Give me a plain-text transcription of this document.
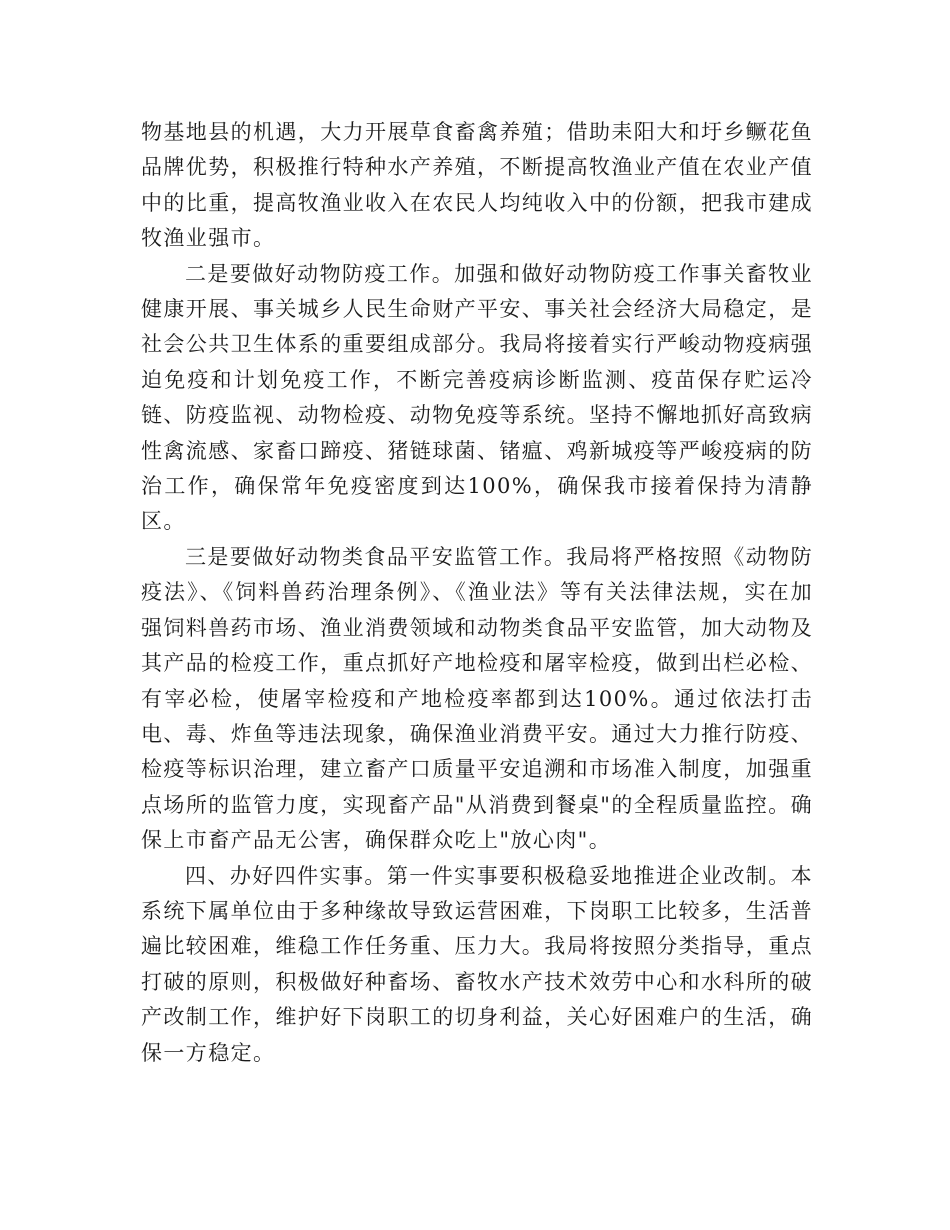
物基地县的机遇，大力开展草食畜禽养殖；借助耒阳大和圩乡鳜花鱼品牌优势，积极推行特种水产养殖，不断提高牧渔业产值在农业产值中的比重，提高牧渔业收入在农民人均纯收入中的份额，把我市建成牧渔业强市。

二是要做好动物防疫工作。加强和做好动物防疫工作事关畜牧业健康开展、事关城乡人民生命财产平安、事关社会经济大局稳定，是社会公共卫生体系的重要组成部分。我局将接着实行严峻动物疫病强迫免疫和计划免疫工作，不断完善疫病诊断监测、疫苗保存贮运冷链、防疫监视、动物检疫、动物免疫等系统。坚持不懈地抓好高致病性禽流感、家畜口蹄疫、猪链球菌、锗瘟、鸡新城疫等严峻疫病的防治工作，确保常年免疫密度到达100%，确保我市接着保持为清静区。

三是要做好动物类食品平安监管工作。我局将严格按照《动物防疫法》、《饲料兽药治理条例》、《渔业法》等有关法律法规，实在加强饲料兽药市场、渔业消费领域和动物类食品平安监管，加大动物及其产品的检疫工作，重点抓好产地检疫和屠宰检疫，做到出栏必检、有宰必检，使屠宰检疫和产地检疫率都到达100%。通过依法打击电、毒、炸鱼等违法现象，确保渔业消费平安。通过大力推行防疫、检疫等标识治理，建立畜产口质量平安追溯和市场准入制度，加强重点场所的监管力度，实现畜产品"从消费到餐桌"的全程质量监控。确保上市畜产品无公害，确保群众吃上"放心肉"。

四、办好四件实事。第一件实事要积极稳妥地推进企业改制。本系统下属单位由于多种缘故导致运营困难，下岗职工比较多，生活普遍比较困难，维稳工作任务重、压力大。我局将按照分类指导，重点打破的原则，积极做好种畜场、畜牧水产技术效劳中心和水科所的破产改制工作，维护好下岗职工的切身利益，关心好困难户的生活，确保一方稳定。
